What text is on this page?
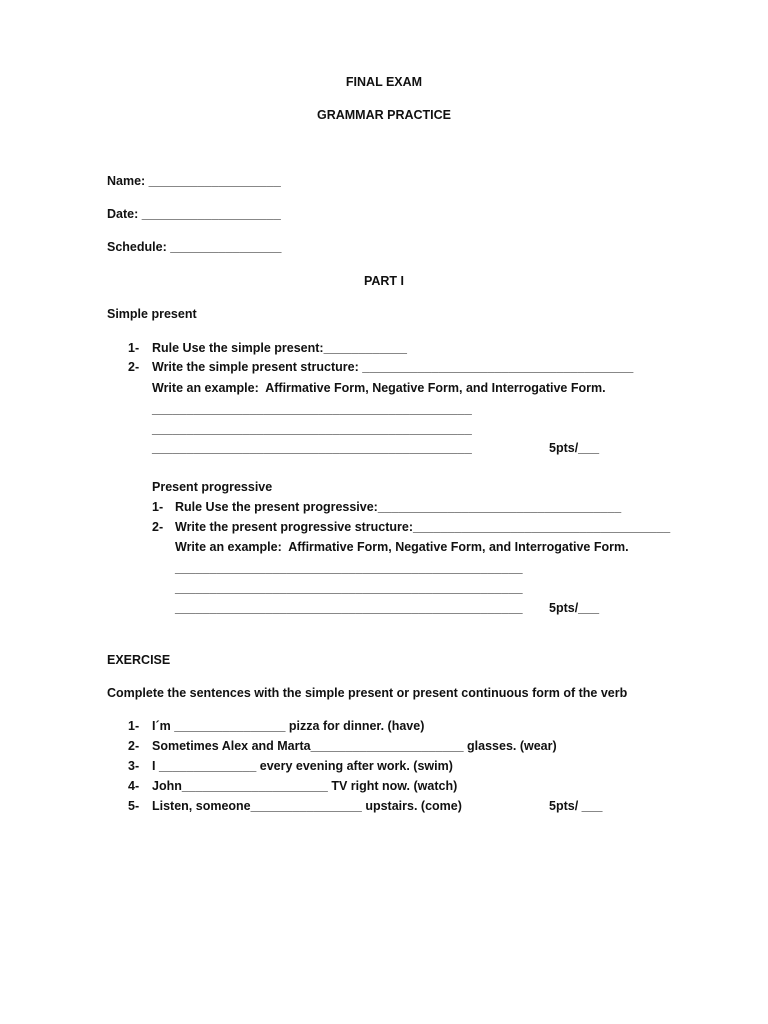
FINAL EXAM
GRAMMAR PRACTICE
Name: ___________________
Date: ____________________
Schedule: ________________
PART I
Simple present
1- Rule Use the simple present:____________
2- Write the simple present structure: _______________________________________
Write an example:  Affirmative Form, Negative Form, and Interrogative Form.
______________________________________________
______________________________________________
______________________________________________	5pts/___
Present progressive
1- Rule Use the present progressive:___________________________________
2- Write the present progressive structure:_____________________________________
Write an example:  Affirmative Form, Negative Form, and Interrogative Form.
__________________________________________________
__________________________________________________
__________________________________________________ 5pts/___
EXERCISE
Complete the sentences with the simple present or present continuous form of the verb
1- I´m ________________ pizza for dinner. (have)
2- Sometimes Alex and Marta______________________ glasses. (wear)
3- I ______________ every evening after work. (swim)
4- John_____________________ TV right now. (watch)
5- Listen, someone________________ upstairs. (come)	5pts/ ___
